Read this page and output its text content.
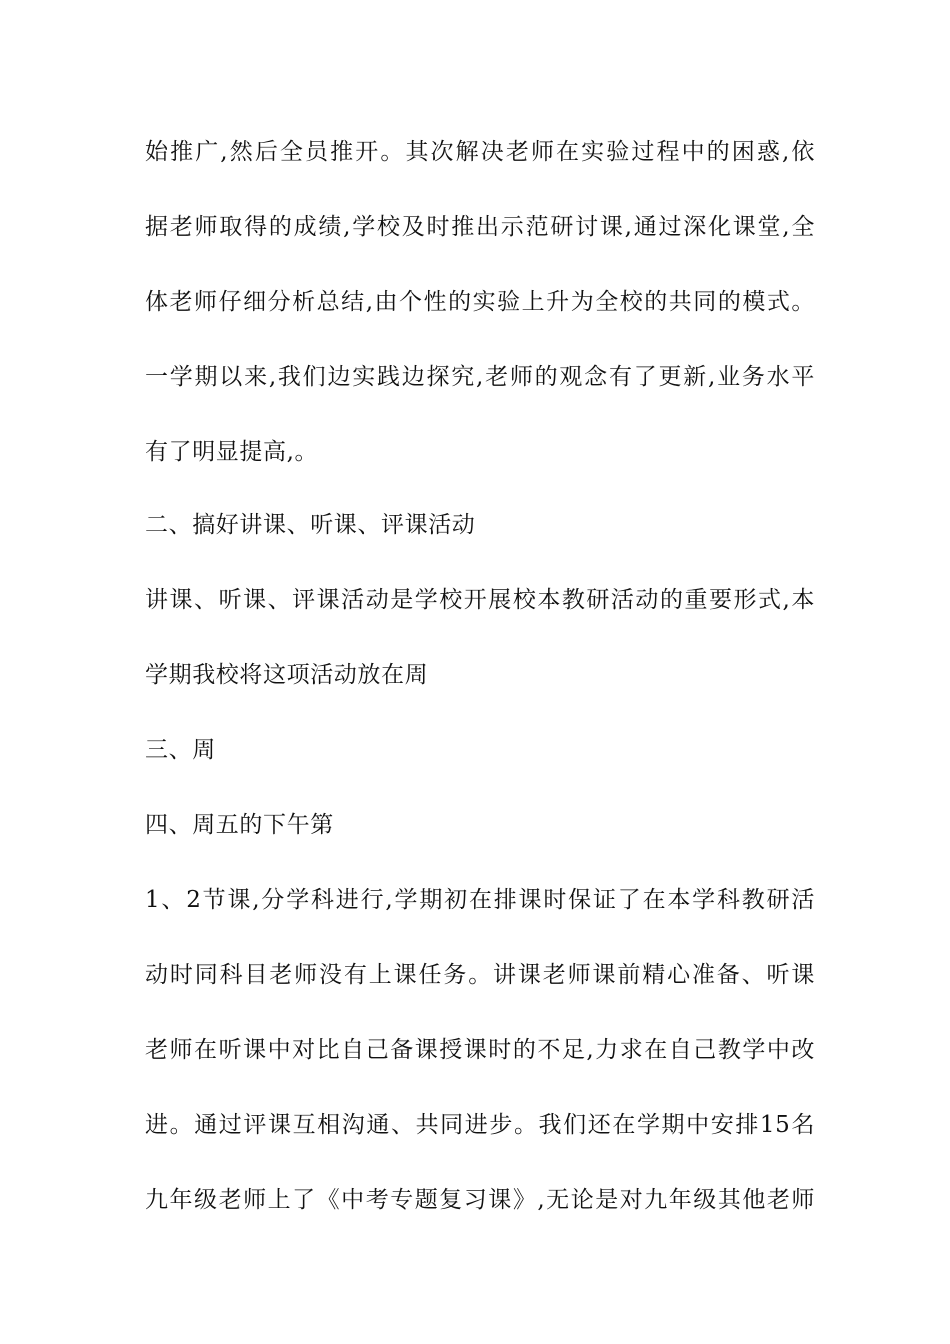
始推广,然后全员推开。其次解决老师在实验过程中的困惑,依
据老师取得的成绩,学校及时推出示范研讨课,通过深化课堂,全
体老师仔细分析总结,由个性的实验上升为全校的共同的模式。
一学期以来,我们边实践边探究,老师的观念有了更新,业务水平
有了明显提高,。
二、搞好讲课、听课、评课活动
讲课、听课、评课活动是学校开展校本教研活动的重要形式,本
学期我校将这项活动放在周
三、周
四、周五的下午第
1、2节课,分学科进行,学期初在排课时保证了在本学科教研活
动时同科目老师没有上课任务。讲课老师课前精心准备、听课
老师在听课中对比自己备课授课时的不足,力求在自己教学中改
进。通过评课互相沟通、共同进步。我们还在学期中安排15名
九年级老师上了《中考专题复习课》,无论是对九年级其他老师
